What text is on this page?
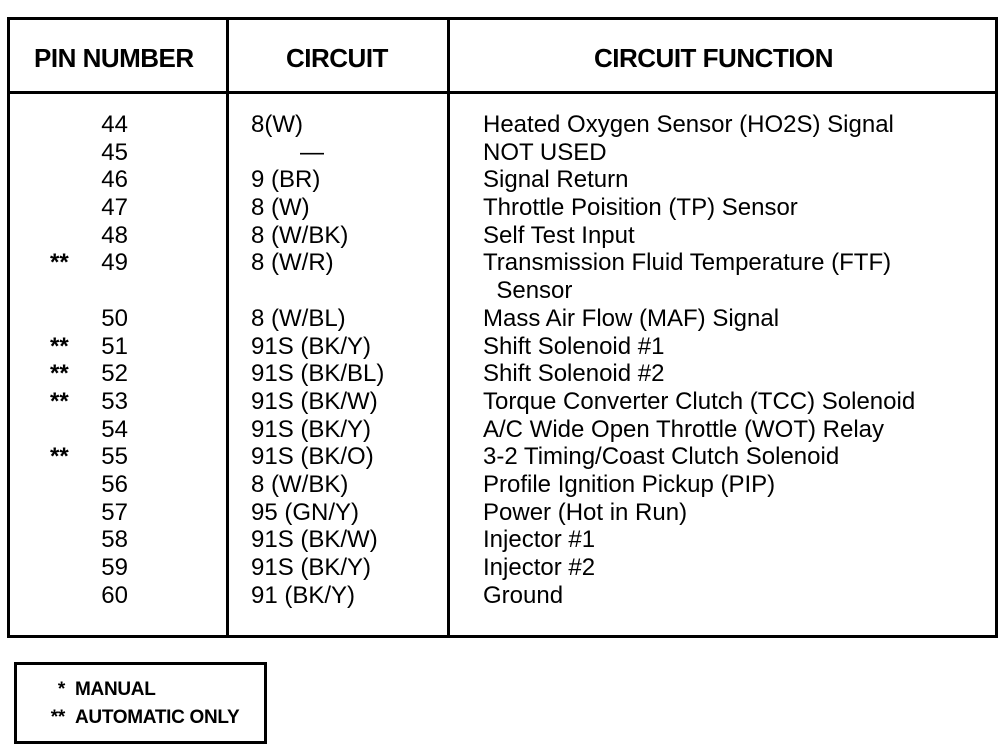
PIN NUMBER	CIRCUIT	CIRCUIT FUNCTION
44	8(W)	Heated Oxygen Sensor (HO2S) Signal
45	—	NOT USED
46	9 (BR)	Signal Return
47	8 (W)	Throttle Poisition (TP) Sensor
48	8 (W/BK)	Self Test Input
**	49	8 (W/R)	Transmission Fluid Temperature (FTF)
Sensor
50	8 (W/BL)	Mass Air Flow (MAF) Signal
**	51	91S (BK/Y)	Shift Solenoid #1
**	52	91S (BK/BL)	Shift Solenoid #2
**	53	91S (BK/W)	Torque Converter Clutch (TCC) Solenoid
54	91S (BK/Y)	A/C Wide Open Throttle (WOT) Relay
**	55	91S (BK/O)	3-2 Timing/Coast Clutch Solenoid
56	8 (W/BK)	Profile Ignition Pickup (PIP)
57	95 (GN/Y)	Power (Hot in Run)
58	91S (BK/W)	Injector #1
59	91S (BK/Y)	Injector #2
60	91 (BK/Y)	Ground
* MANUAL
** AUTOMATIC ONLY
